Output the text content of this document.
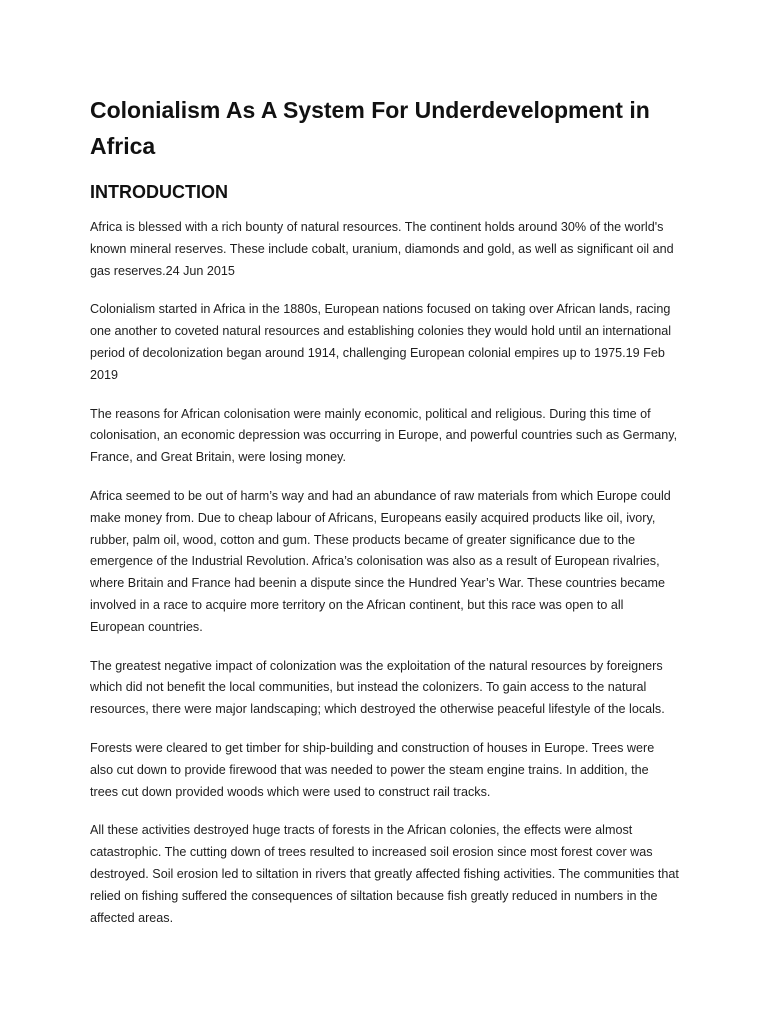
Colonialism As A System For Underdevelopment in Africa
INTRODUCTION

Africa is blessed with a rich bounty of natural resources. The continent holds around 30% of the world's known mineral reserves. These include cobalt, uranium, diamonds and gold, as well as significant oil and gas reserves.24 Jun 2015

Colonialism started in Africa in the 1880s, European nations focused on taking over African lands, racing one another to coveted natural resources and establishing colonies they would hold until an international period of decolonization began around 1914, challenging European colonial empires up to 1975.19 Feb 2019

The reasons for African colonisation were mainly economic, political and religious. During this time of colonisation, an economic depression was occurring in Europe, and powerful countries such as Germany, France, and Great Britain, were losing money.

Africa seemed to be out of harm’s way and had an abundance of raw materials from which Europe could make money from. Due to cheap labour of Africans, Europeans easily acquired products like oil, ivory, rubber, palm oil, wood, cotton and gum. These products became of greater significance due to the emergence of the Industrial Revolution. Africa’s colonisation was also as a result of European rivalries, where Britain and France had beenin a dispute since the Hundred Year’s War. These countries became involved in a race to acquire more territory on the African continent, but this race was open to all European countries.

The greatest negative impact of colonization was the exploitation of the natural resources by foreigners which did not benefit the local communities, but instead the colonizers. To gain access to the natural resources, there were major landscaping; which destroyed the otherwise peaceful lifestyle of the locals.

Forests were cleared to get timber for ship-building and construction of houses in Europe. Trees were also cut down to provide firewood that was needed to power the steam engine trains. In addition, the trees cut down provided woods which were used to construct rail tracks.

All these activities destroyed huge tracts of forests in the African colonies, the effects were almost catastrophic. The cutting down of trees resulted to increased soil erosion since most forest cover was destroyed. Soil erosion led to siltation in rivers that greatly affected fishing activities. The communities that relied on fishing suffered the consequences of siltation because fish greatly reduced in numbers in the affected areas.
